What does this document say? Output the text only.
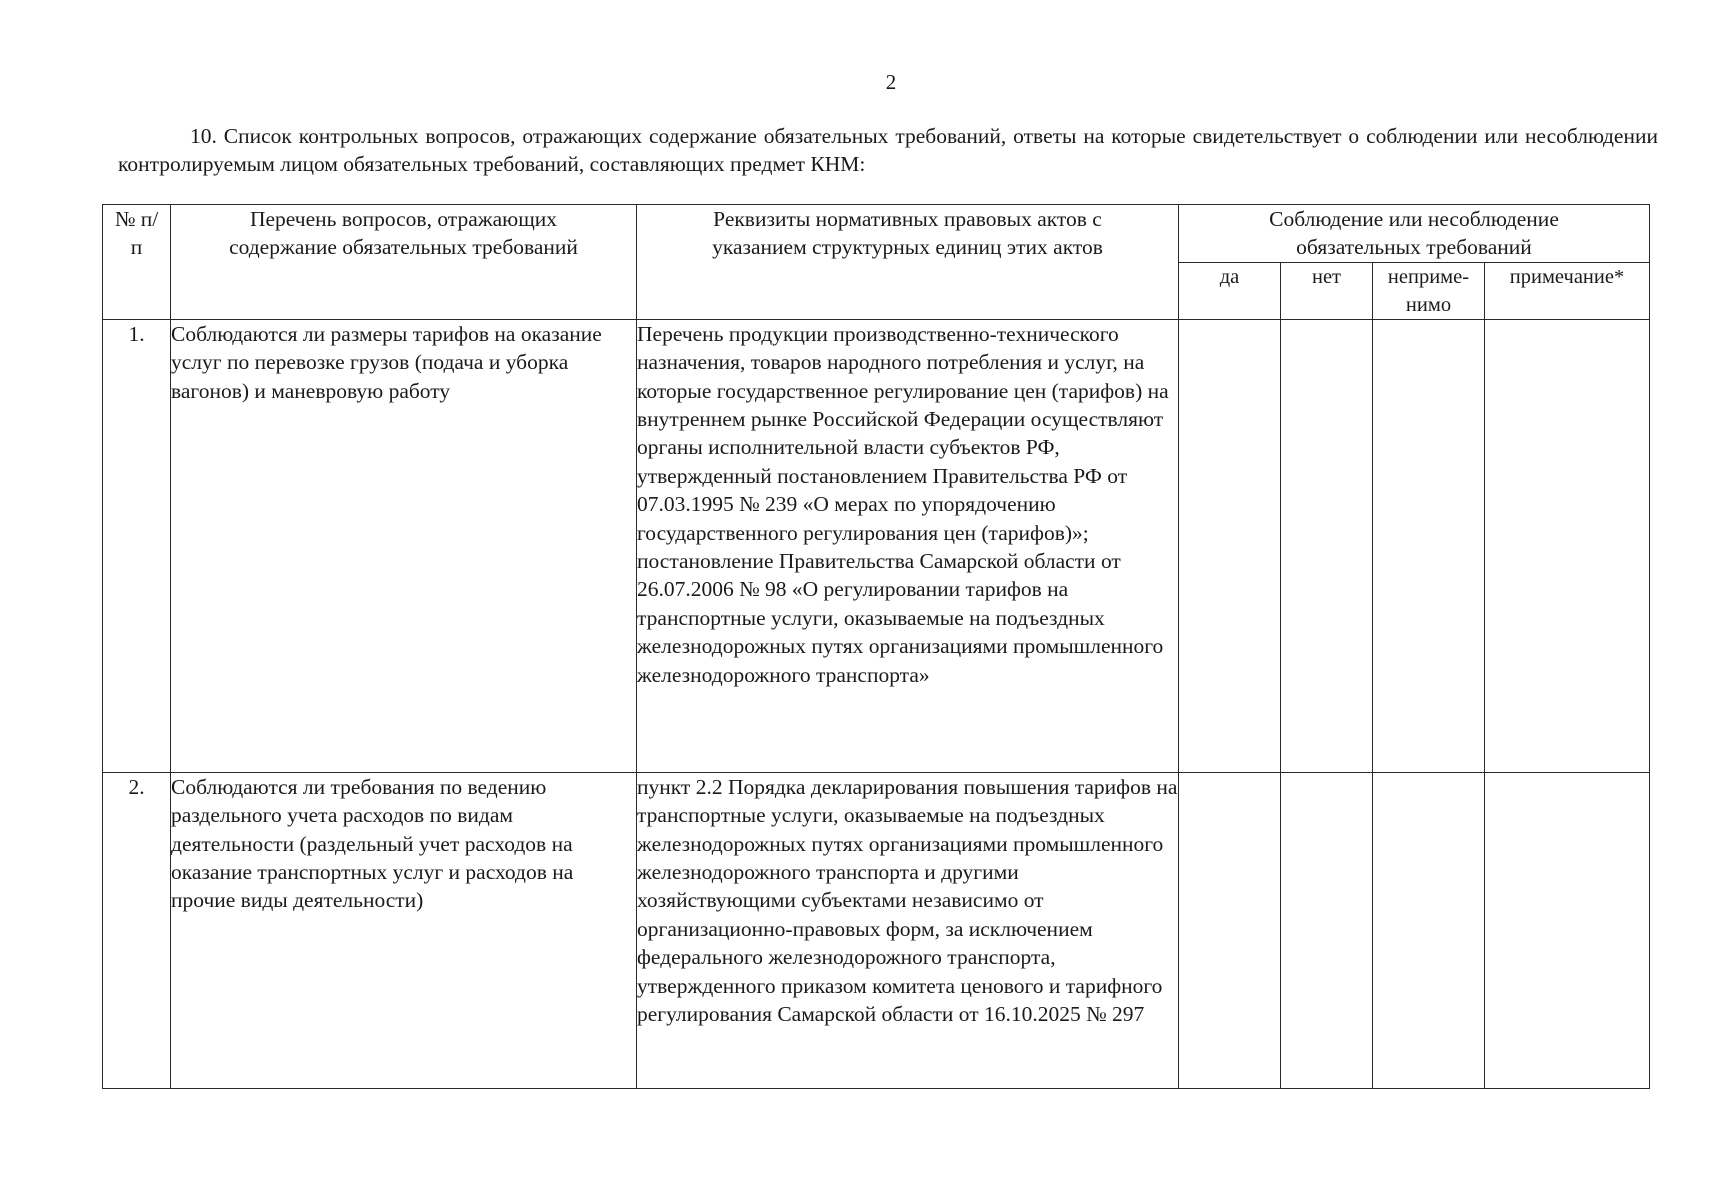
2
10. Список контрольных вопросов, отражающих содержание обязательных требований, ответы на которые свидетельствует о соблюдении или несоблюдении контролируемым лицом обязательных требований, составляющих предмет КНМ:
№ п/п	Перечень вопросов, отражающих содержание обязательных требований	Реквизиты нормативных правовых актов с указанием структурных единиц этих актов	Соблюдение или несоблюдение обязательных требований			
			да	нет	неприме-нимо	примечание*
1.	Соблюдаются ли размеры тарифов на оказание услуг по перевозке грузов (подача и уборка вагонов) и маневровую работу	Перечень продукции производственно-технического назначения, товаров народного потребления и услуг, на которые государственное регулирование цен (тарифов) на внутреннем рынке Российской Федерации осуществляют органы исполнительной власти субъектов РФ, утвержденный постановлением Правительства РФ от 07.03.1995 № 239 «О мерах по упорядочению государственного регулирования цен (тарифов)»; постановление Правительства Самарской области от 26.07.2006 № 98 «О регулировании тарифов на транспортные услуги, оказываемые на подъездных железнодорожных путях организациями промышленного железнодорожного транспорта»				
2.	Соблюдаются ли требования по ведению раздельного учета расходов по видам деятельности (раздельный учет расходов на оказание транспортных услуг и расходов на прочие виды деятельности)	пункт 2.2 Порядка декларирования повышения тарифов на транспортные услуги, оказываемые на подъездных железнодорожных путях организациями промышленного железнодорожного транспорта и другими хозяйствующими субъектами независимо от организационно-правовых форм, за исключением федерального железнодорожного транспорта, утвержденного приказом комитета ценового и тарифного регулирования Самарской области от 16.10.2025 № 297				
